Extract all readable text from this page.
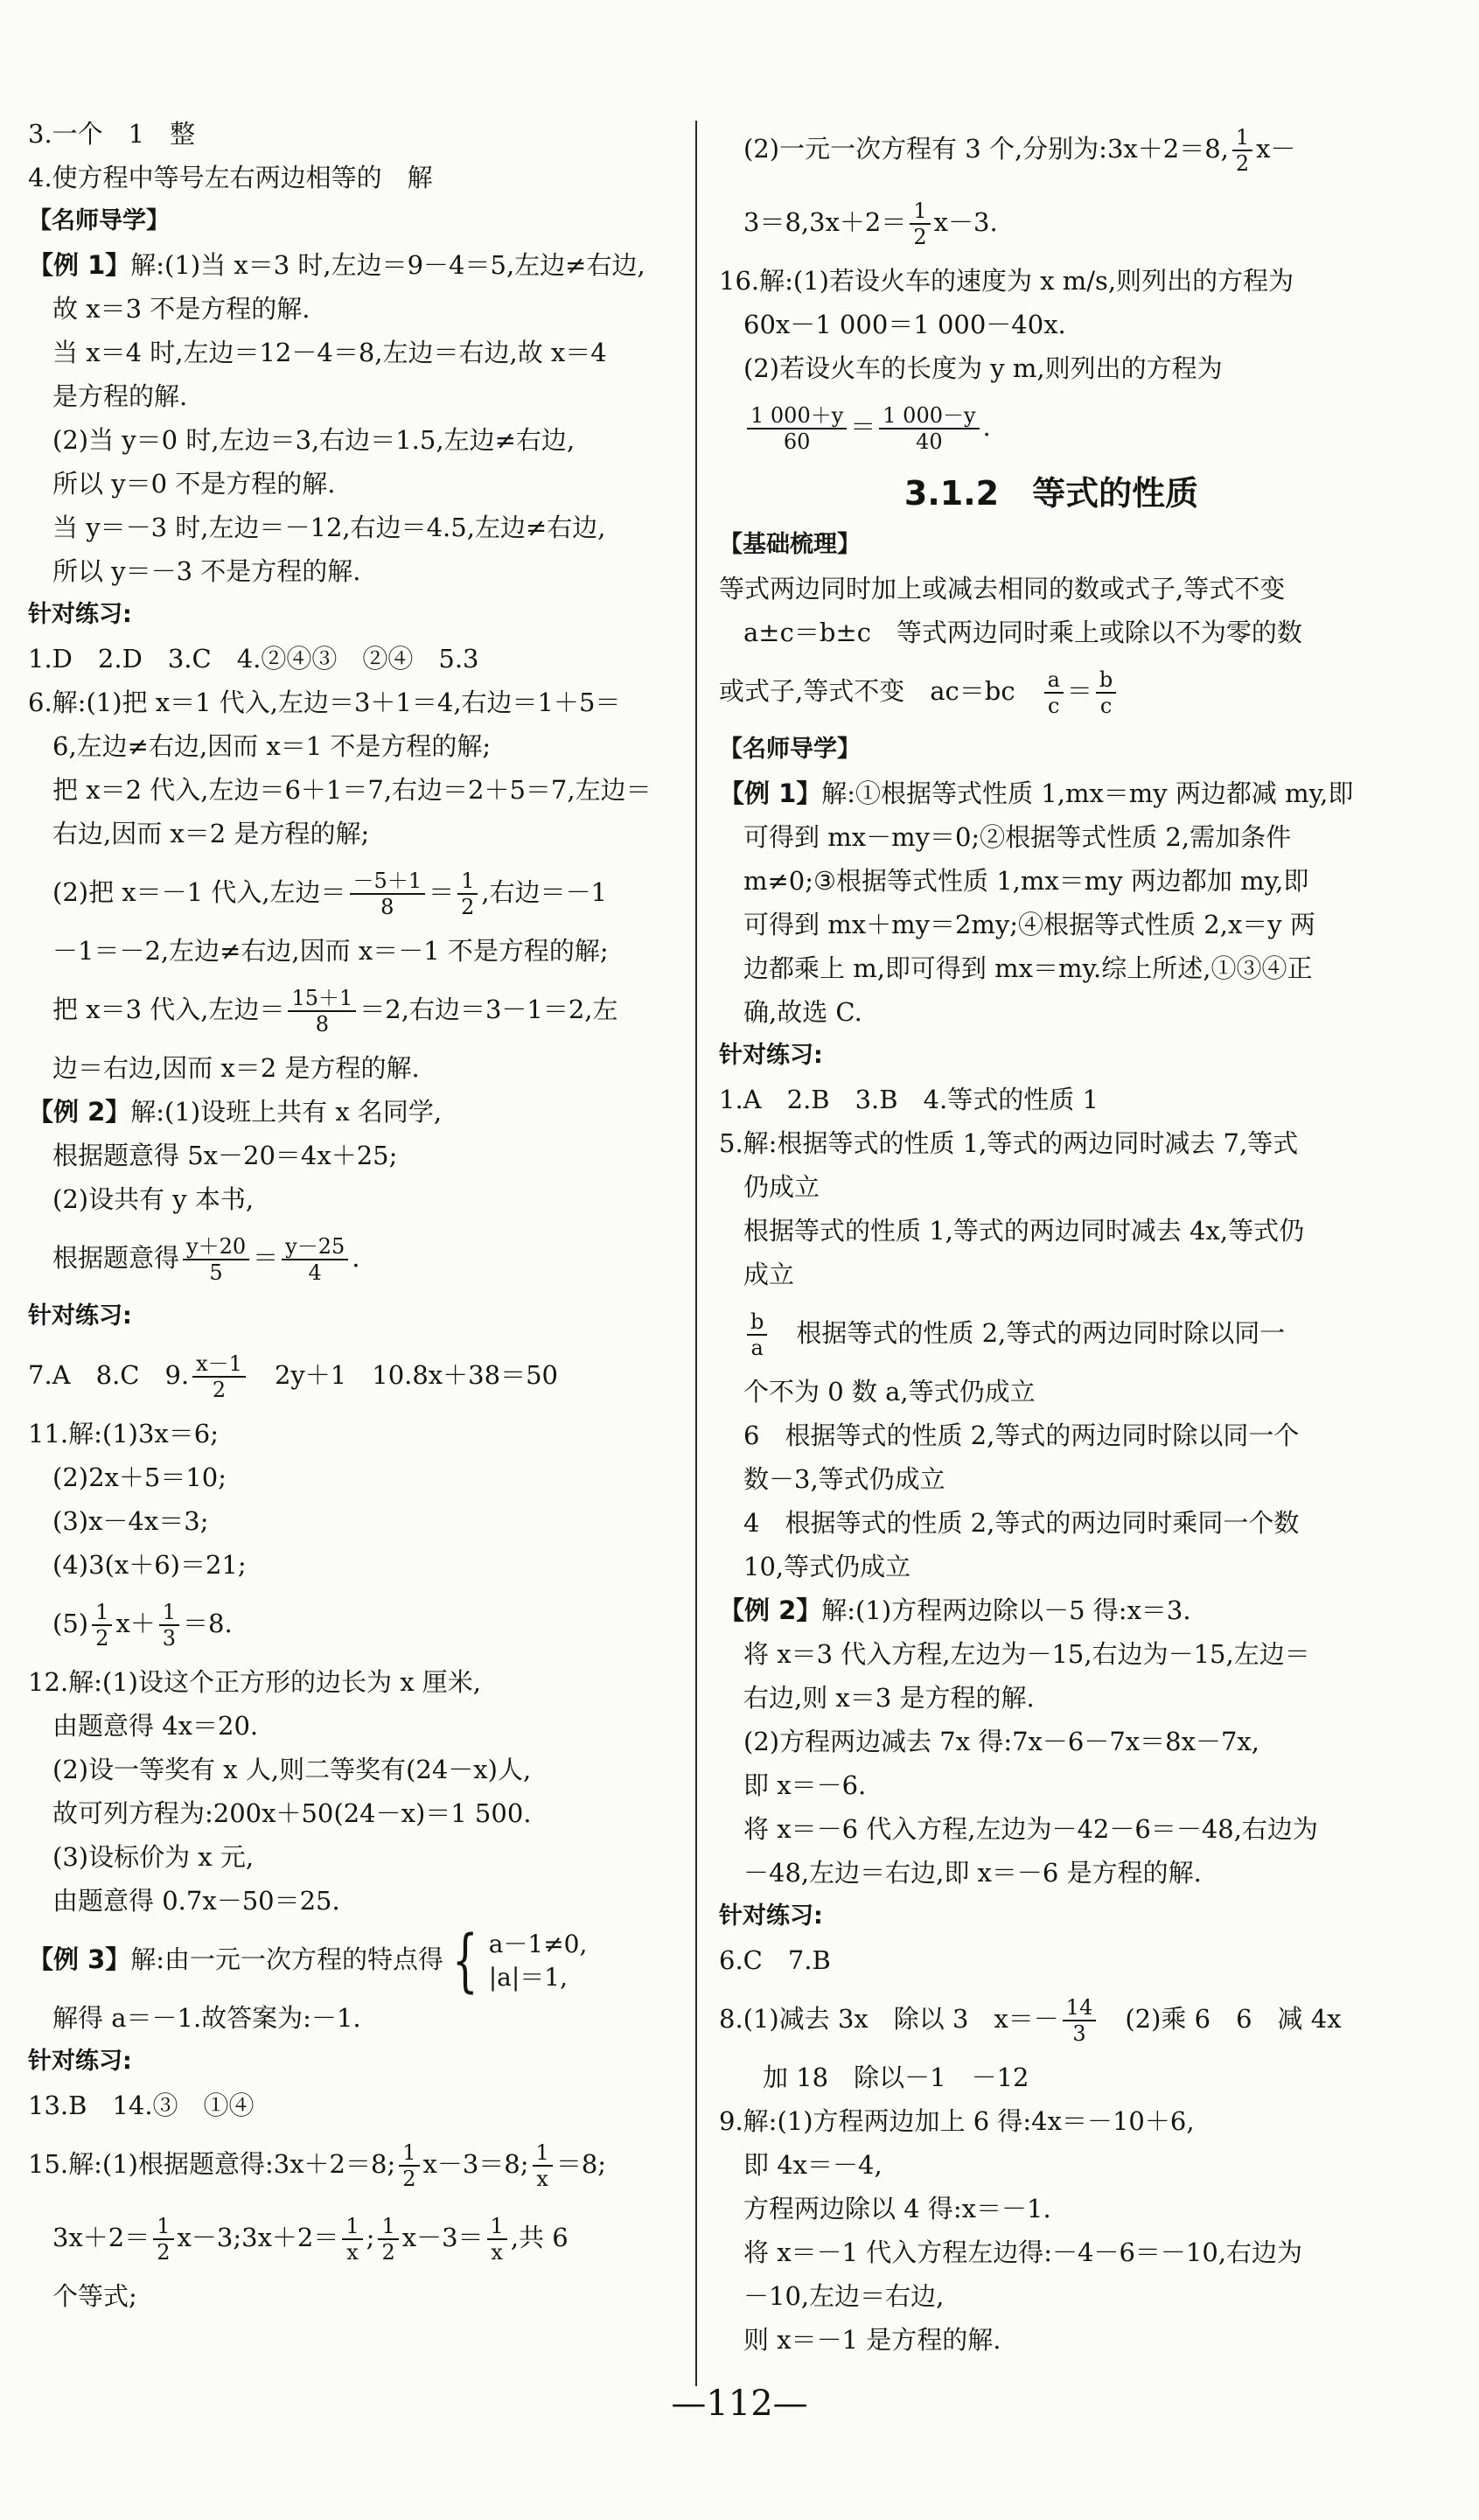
3.一个　1　整
4.使方程中等号左右两边相等的　解
【名师导学】
【例 1】解:(1)当 x＝3 时,左边＝9－4＝5,左边≠右边,
故 x＝3 不是方程的解.
当 x＝4 时,左边＝12－4＝8,左边＝右边,故 x＝4
是方程的解.
(2)当 y＝0 时,左边＝3,右边＝1.5,左边≠右边,
所以 y＝0 不是方程的解.
当 y＝－3 时,左边＝－12,右边＝4.5,左边≠右边,
所以 y＝－3 不是方程的解.
针对练习:
1.D　2.D　3.C　4.②④③　②④　5.3
6.解:(1)把 x＝1 代入,左边＝3＋1＝4,右边＝1＋5＝
6,左边≠右边,因而 x＝1 不是方程的解;
把 x＝2 代入,左边＝6＋1＝7,右边＝2＋5＝7,左边＝
右边,因而 x＝2 是方程的解;
(2)把 x＝－1 代入,左边＝ $\frac{-5+1}{8} = \frac{1}{2}$ ,右边＝－1
－1＝－2,左边≠右边,因而 x＝－1 不是方程的解;
把 x＝3 代入,左边＝ $\frac{15+1}{8} =2$,右边＝3－1＝2,左
边＝右边,因而 x＝2 是方程的解.
【例 2】解:(1)设班上共有 x 名同学,
根据题意得 5x－20＝4x＋25;
(2)设共有 y 本书,
根据题意得 $\frac{y+20}{5} = \frac{y-25}{4}$ .
针对练习:
7.A　8.C　9. $\frac{x-1}{2}$ 　2y＋1　10.8x＋38＝50
11.解:(1)3x＝6;
(2)2x＋5＝10;
(3)x－4x＝3;
(4)3(x＋6)＝21;
$(5) \frac{1}{2} x+ \frac{1}{3} =8$.
12.解:(1)设这个正方形的边长为 x 厘米,
由题意得 4x＝20.
(2)设一等奖有 x 人,则二等奖有(24－x)人,
故可列方程为:200x＋50(24－x)＝1 500.
(3)设标价为 x 元,
由题意得 0.7x－50＝25.
【例 3】解:由一元一次方程的特点得 { a－1≠0,
|a|＝1,
解得 a＝－1.故答案为:－1.
针对练习:
13.B　14.③　①④
15.解:(1)根据题意得:3x＋2＝8; $\frac{1}{2} x-3=8$; $\frac{1}{x} =8$;
$3x+2= \frac{1}{2}$ x－3;3x＋2＝ $\frac{1}{x}$ ; $\frac{1}{2} x-3= \frac{1}{x}$ ,共 6
个等式;
(2)一元一次方程有 3 个,分别为:3x＋2＝8, $\frac{1}{2} x-$
$3=8,3x+2= \frac{1}{2} x-3$.
16.解:(1)若设火车的速度为 x m/s,则列出的方程为
60x－1 000＝1 000－40x.
(2)若设火车的长度为 y m,则列出的方程为
$\frac{1 000+y}{60} = \frac{1 000-y}{40}$ .
3.1.2　等式的性质
【基础梳理】
等式两边同时加上或减去相同的数或式子,等式不变
a±c＝b±c　等式两边同时乘上或除以不为零的数
或式子,等式不变　ac＝bc　 $\frac{a}{c} = \frac{b}{c}$
【名师导学】
【例 1】解:①根据等式性质 1,mx＝my 两边都减 my,即
可得到 mx－my＝0;②根据等式性质 2,需加条件
m≠0;③根据等式性质 1,mx＝my 两边都加 my,即
可得到 mx＋my＝2my;④根据等式性质 2,x＝y 两
边都乘上 m,即可得到 mx＝my.综上所述,①③④正
确,故选 C.
针对练习:
1.A　2.B　3.B　4.等式的性质 1
5.解:根据等式的性质 1,等式的两边同时减去 7,等式
仍成立
根据等式的性质 1,等式的两边同时减去 4x,等式仍
成立
$\frac{b}{a}$ 　根据等式的性质 2,等式的两边同时除以同一
个不为 0 数 a,等式仍成立
6　根据等式的性质 2,等式的两边同时除以同一个
数－3,等式仍成立
4　根据等式的性质 2,等式的两边同时乘同一个数
10,等式仍成立
【例 2】解:(1)方程两边除以－5 得:x＝3.
将 x＝3 代入方程,左边为－15,右边为－15,左边＝
右边,则 x＝3 是方程的解.
(2)方程两边减去 7x 得:7x－6－7x＝8x－7x,
即 x＝－6.
将 x＝－6 代入方程,左边为－42－6＝－48,右边为
－48,左边＝右边,即 x＝－6 是方程的解.
针对练习:
6.C　7.B
8.(1)减去 3x　除以 3　$x=- \frac{14}{3}$ 　(2)乘 6　6　减 4x
加 18　除以－1　－12
9.解:(1)方程两边加上 6 得:4x＝－10＋6,
即 4x＝－4,
方程两边除以 4 得:x＝－1.
将 x＝－1 代入方程左边得:－4－6＝－10,右边为
－10,左边＝右边,
则 x＝－1 是方程的解.
—112—
